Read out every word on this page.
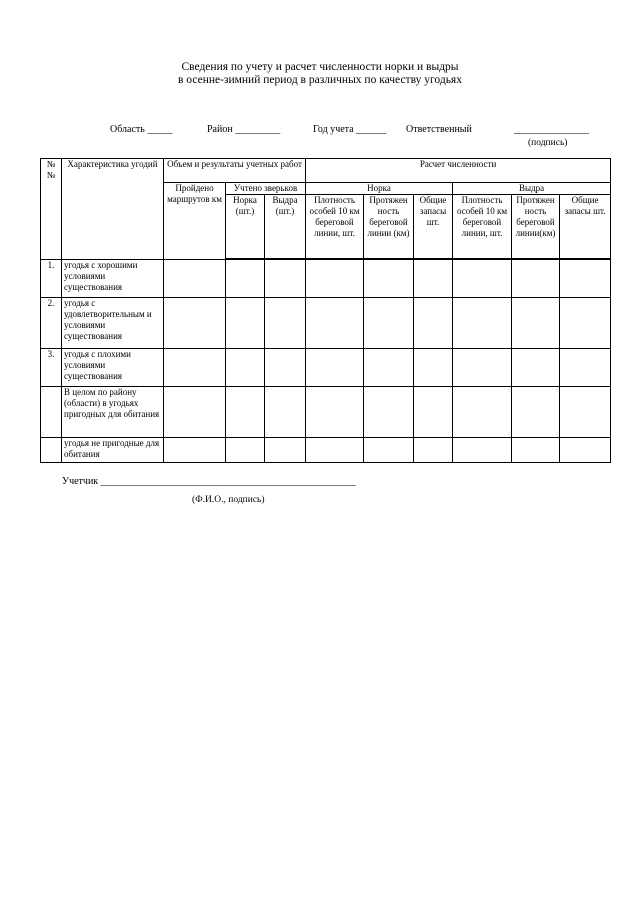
Сведения по учету и расчет численности норки и выдры
в осенне-зимний период в различных по качеству угодьях
Область _____	Район _________	Год учета ______ Ответственный	_______________
(подпись)
№ №	Характеристика угодий	Объем и результаты учетных работ			Расчет численности					
		Пройдено маршрутов км	Учтено зверьков		Норка			Выдра		
			Норка (шт.)	Выдра (шт.)	Плотность особей 10 км береговой линии, шт.	Протяжен ность береговой линии (км)	Общие запасы шт.	Плотность особей 10 км береговой линии, шт.	Протяжен ность береговой линии(км)	Общие запасы шт.

1.	угодья с хорошими условиями существования									
2.	угодья с удовлетворительным и условиями существования									
3.	угодья с плохими условиями существования									
	В целом по району (области) в угодьях пригодных для обитания									
	угодья не пригодные для обитания									
Учетчик ___________________________________________________
(Ф.И.О., подпись)
